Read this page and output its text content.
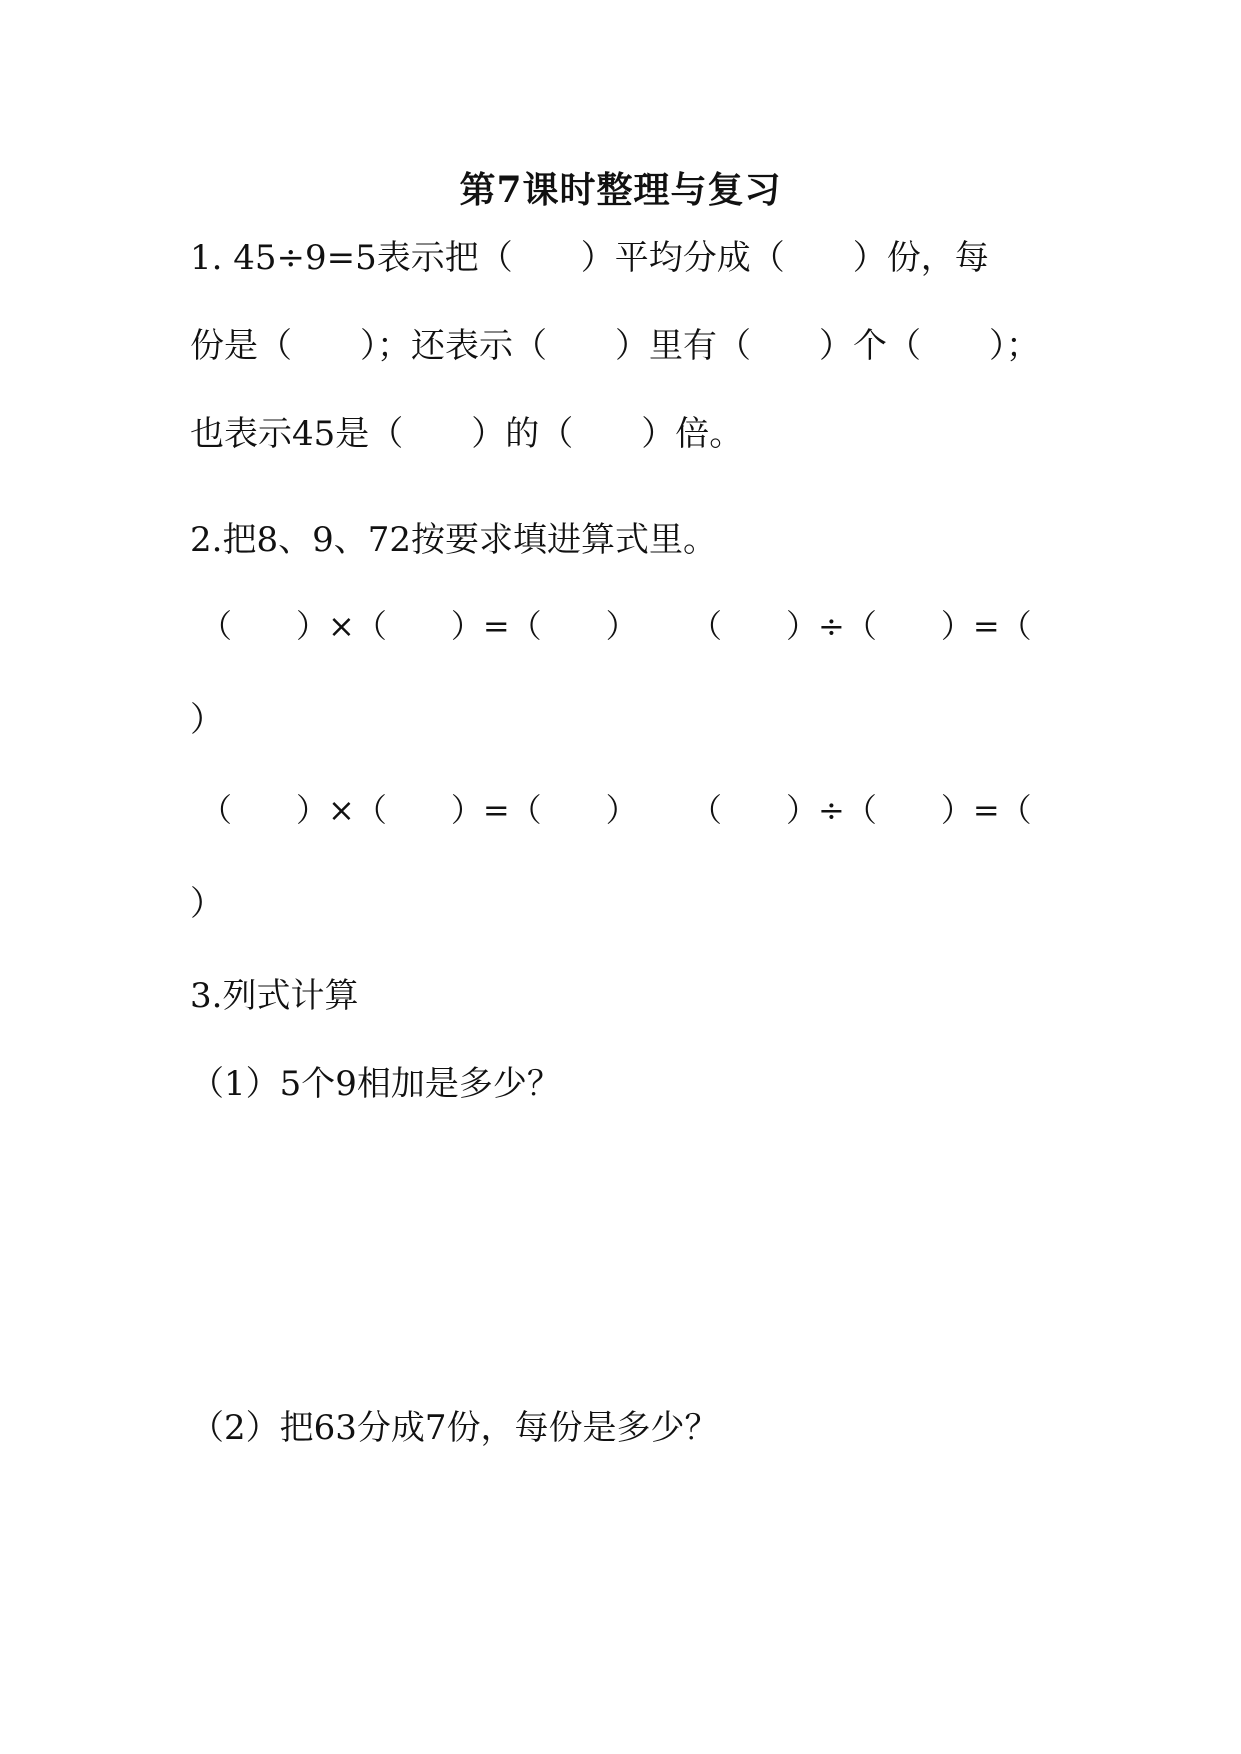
第7课时整理与复习
1. 45÷9=5表示把（　　）平均分成（　　）份，每
份是（　　）；还表示（　　）里有（　　）个（　　）；
也表示45是（　　）的（　　）倍。
2.把8、9、72按要求填进算式里。

（　　）×（　　）=（　　）

（　　）÷（　　）=（

）

（　　）×（　　）=（　　）

（　　）÷（　　）=（

）
3.列式计算
（1）5个9相加是多少？
（2）把63分成7份，每份是多少？
